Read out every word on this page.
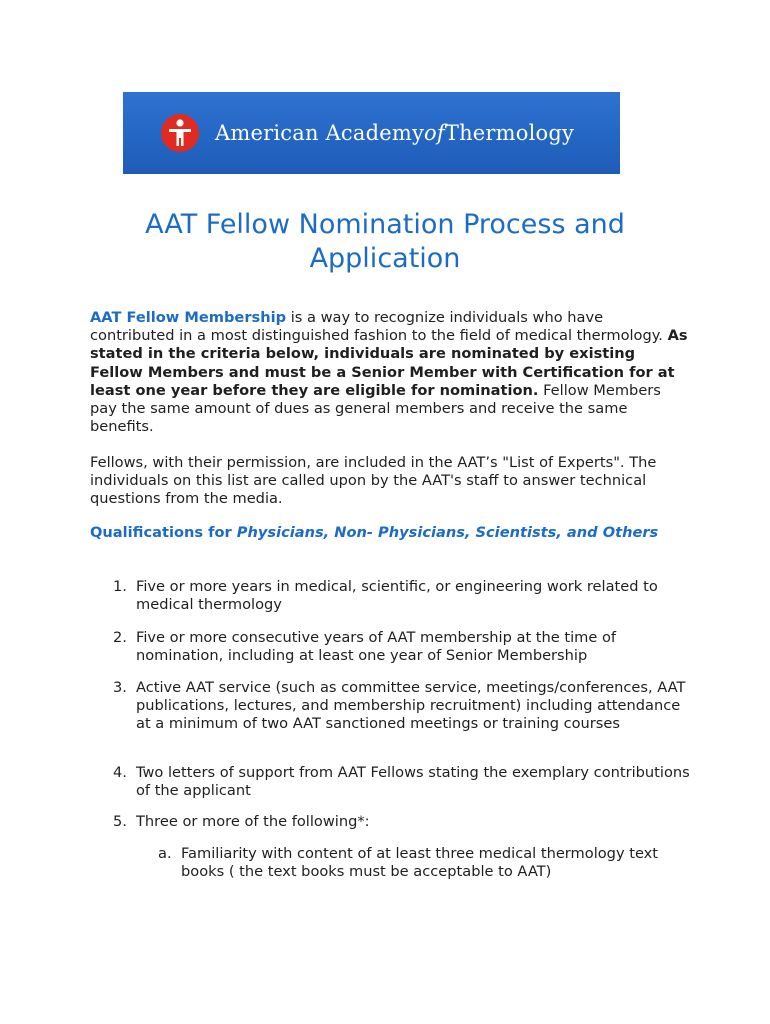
American Academy of Thermology
AAT Fellow Nomination Process and
Application

AAT Fellow Membership is a way to recognize individuals who have contributed in a most distinguished fashion to the field of medical thermology. As stated in the criteria below, individuals are nominated by existing Fellow Members and must be a Senior Member with Certification for at least one year before they are eligible for nomination. Fellow Members pay the same amount of dues as general members and receive the same benefits.

Fellows, with their permission, are included in the AAT’s "List of Experts". The individuals on this list are called upon by the AAT's staff to answer technical questions from the media.

Qualifications for Physicians, Non- Physicians, Scientists, and Others
1. Five or more years in medical, scientific, or engineering work related to medical thermology
2. Five or more consecutive years of AAT membership at the time of nomination, including at least one year of Senior Membership
3. Active AAT service (such as committee service, meetings/conferences, AAT publications, lectures, and membership recruitment) including attendance at a minimum of two AAT sanctioned meetings or training courses
4. Two letters of support from AAT Fellows stating the exemplary contributions of the applicant
5. Three or more of the following*:
a. Familiarity with content of at least three medical thermology text books ( the text books must be acceptable to AAT)
